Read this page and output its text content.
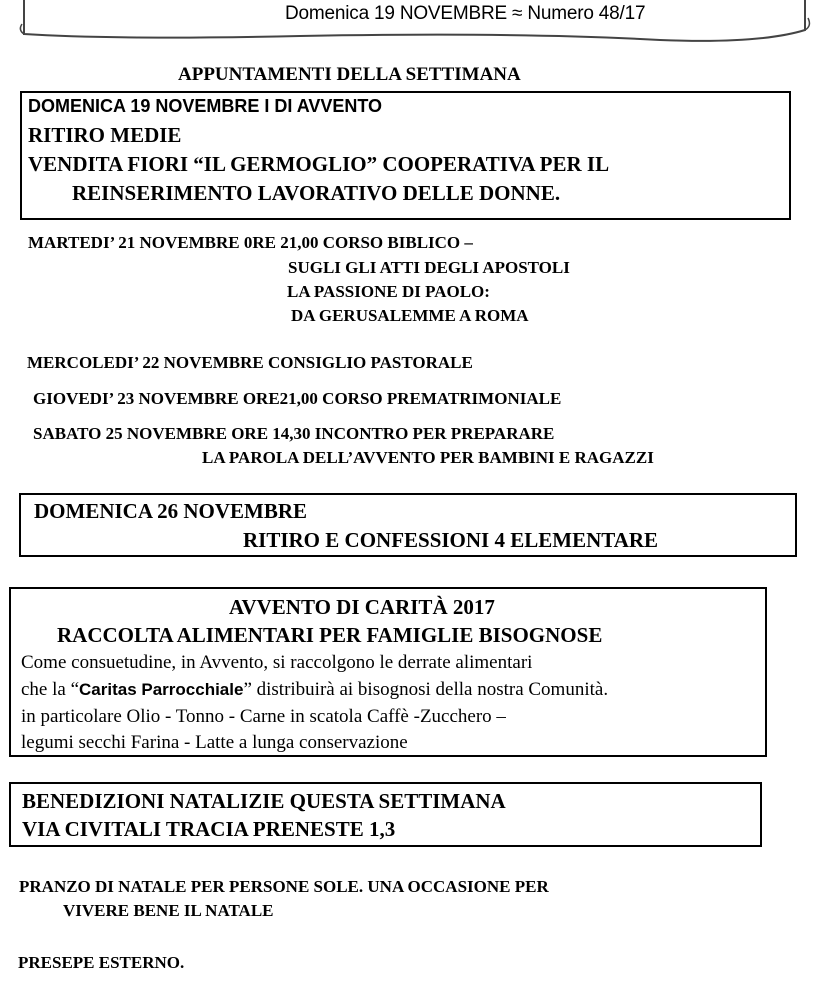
Domenica 19 NOVEMBRE ≈ Numero 48/17
APPUNTAMENTI DELLA SETTIMANA
DOMENICA 19 NOVEMBRE I DI AVVENTO
RITIRO MEDIE
VENDITA FIORI “IL GERMOGLIO” COOPERATIVA PER IL
REINSERIMENTO LAVORATIVO DELLE DONNE.
MARTEDI’ 21 NOVEMBRE 0RE 21,00 CORSO BIBLICO –
SUGLI GLI ATTI DEGLI APOSTOLI
LA PASSIONE DI PAOLO:
DA GERUSALEMME A ROMA
MERCOLEDI’ 22 NOVEMBRE CONSIGLIO PASTORALE
GIOVEDI’ 23 NOVEMBRE ORE21,00 CORSO PREMATRIMONIALE
SABATO 25 NOVEMBRE ORE 14,30 INCONTRO PER PREPARARE
LA PAROLA DELL’AVVENTO PER BAMBINI E RAGAZZI
DOMENICA 26 NOVEMBRE
RITIRO E CONFESSIONI 4 ELEMENTARE
AVVENTO DI CARITÀ 2017
RACCOLTA ALIMENTARI PER FAMIGLIE BISOGNOSE
Come consuetudine, in Avvento, si raccolgono le derrate alimentari
che la “Caritas Parrocchiale” distribuirà ai bisognosi della nostra Comunità.
in particolare Olio - Tonno - Carne in scatola Caffè -Zucchero –
legumi secchi Farina - Latte a lunga conservazione
BENEDIZIONI NATALIZIE QUESTA SETTIMANA
VIA CIVITALI TRACIA PRENESTE 1,3
PRANZO DI NATALE PER PERSONE SOLE. UNA OCCASIONE PER
VIVERE BENE IL NATALE
PRESEPE ESTERNO.
